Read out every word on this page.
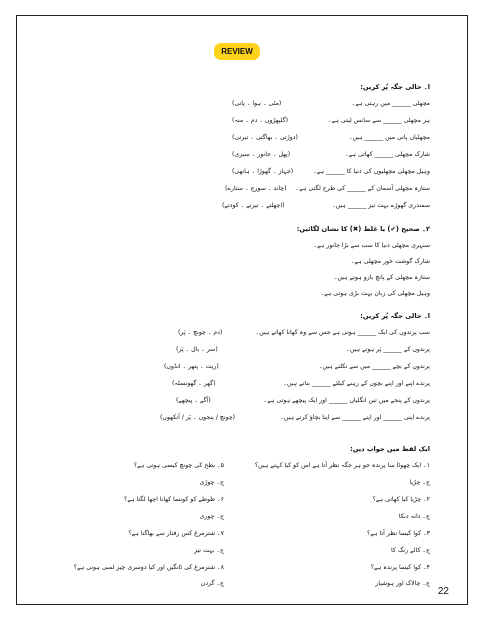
REVIEW
ا۔ خالی جگہ پُر کریں:
مچھلی ______ میں رہتی ہے۔
(مٹی ۔ ہوا ۔ پانی)
ہر مچھلی ______ سے سانس لیتی ہے۔
(گلپھڑوں ۔ دم ۔ منہ)
مچھلیاں پانی میں ______ ہیں۔
(دوڑتی ۔ بھاگتی ۔ تیرتی)
شارک مچھلی ______ کھاتی ہے۔
(پھل ۔ جانور ۔ سبزی)
وہیل مچھلی مچھلیوں کی دنیا کا ______ ہے۔
(جہاز ۔ گھوڑا ۔ ہاتھی)
ستارہ مچھلی آسمان کے ______ کی طرح لگتی ہے۔
(چاند ۔ سورج ۔ ستارے)
سمندری گھوڑے بہت تیز ______ ہیں۔
(اچھلتے ۔ تیرتے ۔ کودتے)
۲۔ صحیح (✔) یا غلط (✖) کا نشان لگائیں:
سنہری مچھلی دنیا کا سب سے بڑا جانور ہے۔
شارک گوشت خور مچھلی ہے۔
ستارہ مچھلی کے پانچ بازو ہوتے ہیں۔
وہیل مچھلی کی زبان بہت بڑی ہوتی ہے۔
ا۔ خالی جگہ پُر کریں:
سب پرندوں کی ایک ______ ہوتی ہے جس سے وہ کھانا کھاتے ہیں۔
(دم ۔ چونچ ۔ پَر)
پرندوں کے ______ پَر ہوتے ہیں۔
(سر ۔ بال ۔ پَر)
پرندوں کے بچے ______ میں سے نکلتے ہیں۔
(ریت ۔ پتھر ۔ انڈوں)
پرندے اپنے اور اپنے بچوں کے رہنے کیلئے ______ بناتے ہیں۔
(گھر ۔ گھونسلہ)
پرندوں کے پنجے میں تین انگلیاں ______ اور ایک پیچھے ہوتی ہے۔
(آگے ۔ پیچھے)
پرندے اپنی ______ اور اپنے ______ سے اپنا بچاؤ کرتے ہیں۔
(چونچ / پنجوں ۔ پَر / آنکھوں)
ایک لفظ میں جواب دیں:
۱۔ ایک چھوٹا سا پرندہ جو ہر جگہ نظر آتا ہے اس کو کیا کہتے ہیں؟
ج۔ چڑیا
۲۔ چڑیا کیا کھاتی ہے؟
ج۔ دانہ دنکا
۳۔ کوا کیسا نظر آتا ہے؟
ج۔ کالے رنگ کا
۴۔ کوا کیسا پرندہ ہے؟
ج۔ چالاک اور ہوشیار
۵۔ بطخ کی چونچ کیسی ہوتی ہے؟
ج۔ چوڑی
۶۔ طوطے کو کونسا کھانا اچھا لگتا ہے؟
ج۔ چوری
۷۔ شترمرغ کس رفتار سے بھاگتا ہے؟
ج۔ بہت تیز
۸۔ شترمرغ کی ٹانگیں اور کیا دوسری چیز لمبی ہوتی ہے؟
ج۔ گردن
22
